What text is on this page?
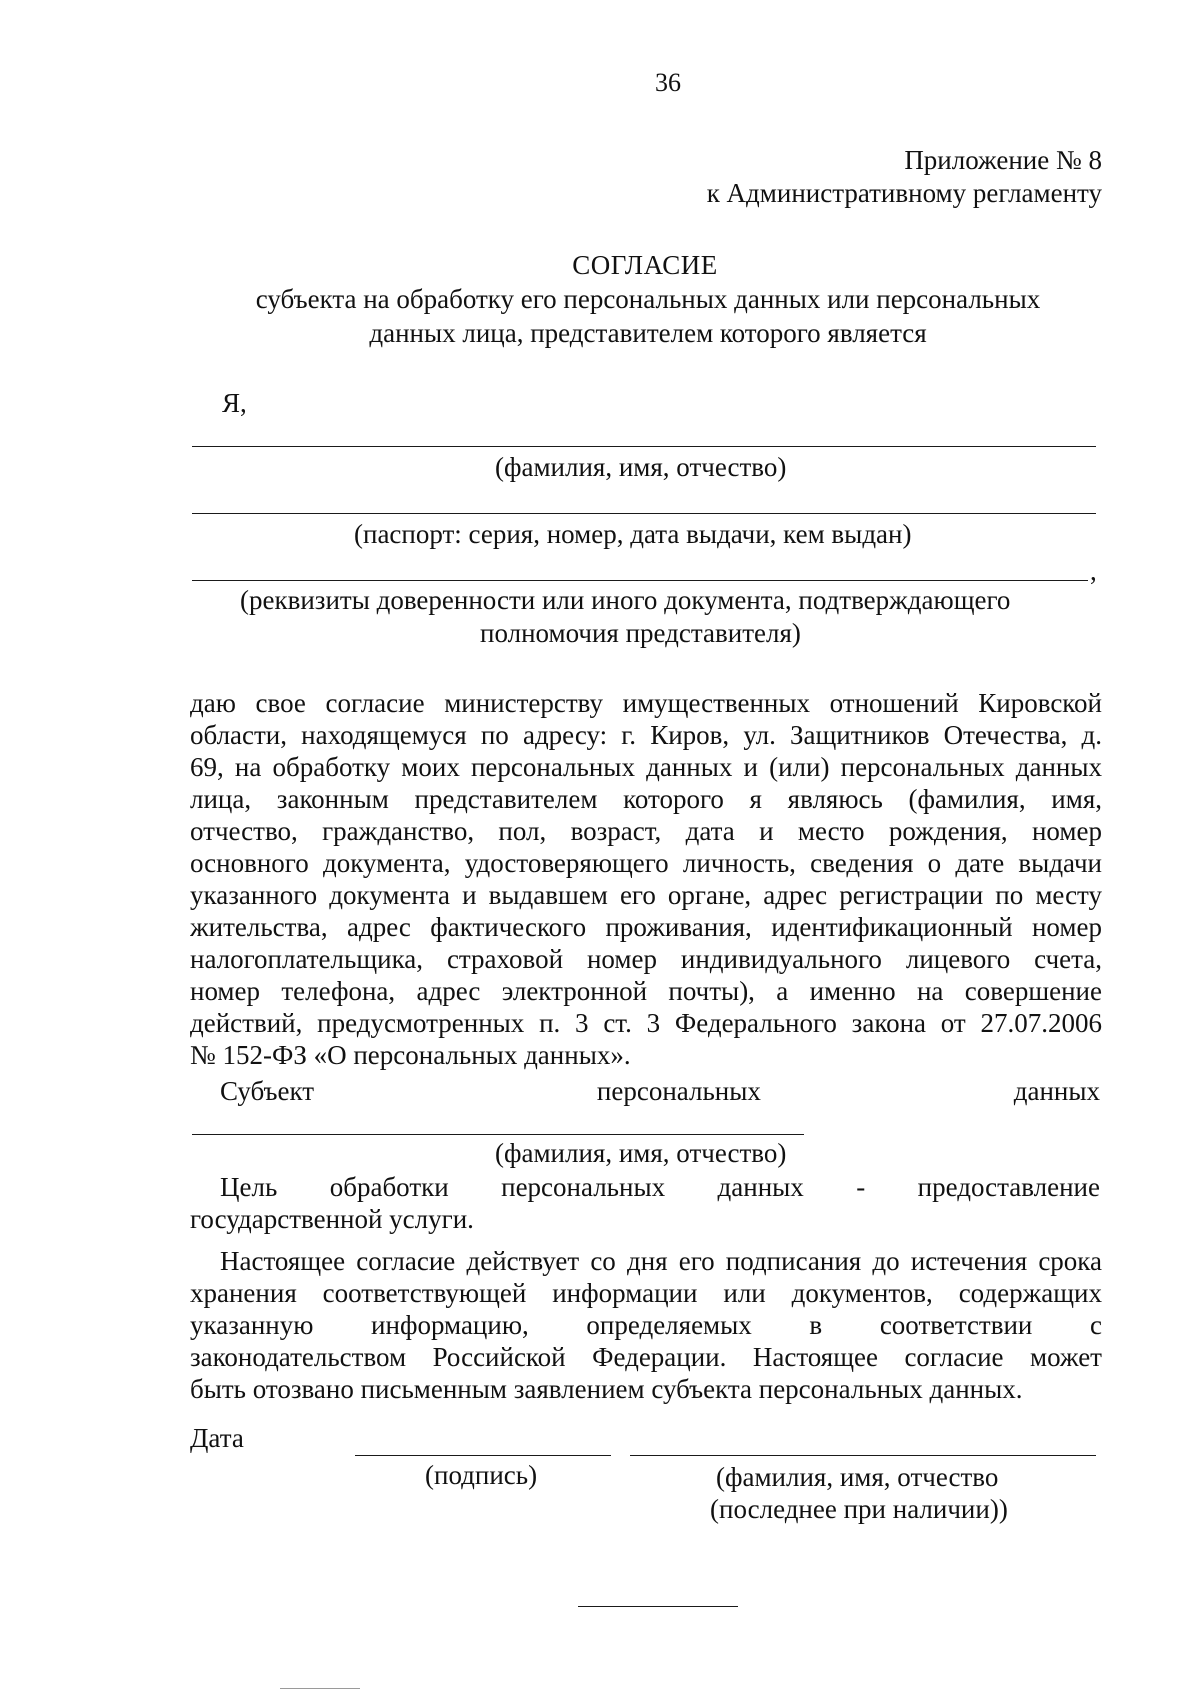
36
Приложение № 8
к Административному регламенту
СОГЛАСИЕ
субъекта на обработку его персональных данных или персональных
данных лица, представителем которого является
Я,
(фамилия, имя, отчество)
(паспорт: серия, номер, дата выдачи, кем выдан)
,
(реквизиты доверенности или иного документа, подтверждающего
полномочия представителя)
даю свое согласие министерству имущественных отношений Кировской
области, находящемуся по адресу: г. Киров, ул. Защитников Отечества, д.
69, на обработку моих персональных данных и (или) персональных данных
лица, законным представителем которого я являюсь (фамилия, имя,
отчество, гражданство, пол, возраст, дата и место рождения, номер
основного документа, удостоверяющего личность, сведения о дате выдачи
указанного документа и выдавшем его органе, адрес регистрации по месту
жительства, адрес фактического проживания, идентификационный номер
налогоплательщика, страховой номер индивидуального лицевого счета,
номер телефона, адрес электронной почты), а именно на совершение
действий, предусмотренных п. 3 ст. 3 Федерального закона от 27.07.2006
№ 152-ФЗ «О персональных данных».
Субъект	персональных	данных
(фамилия, имя, отчество)
Цель обработки персональных данных - предоставление
государственной услуги.
Настоящее согласие действует со дня его подписания до истечения срока
хранения соответствующей информации или документов, содержащих
указанную информацию, определяемых в соответствии с
законодательством Российской Федерации. Настоящее согласие может
быть отозвано письменным заявлением субъекта персональных данных.
Дата
(подпись)	(фамилия, имя, отчество
(последнее при наличии))
